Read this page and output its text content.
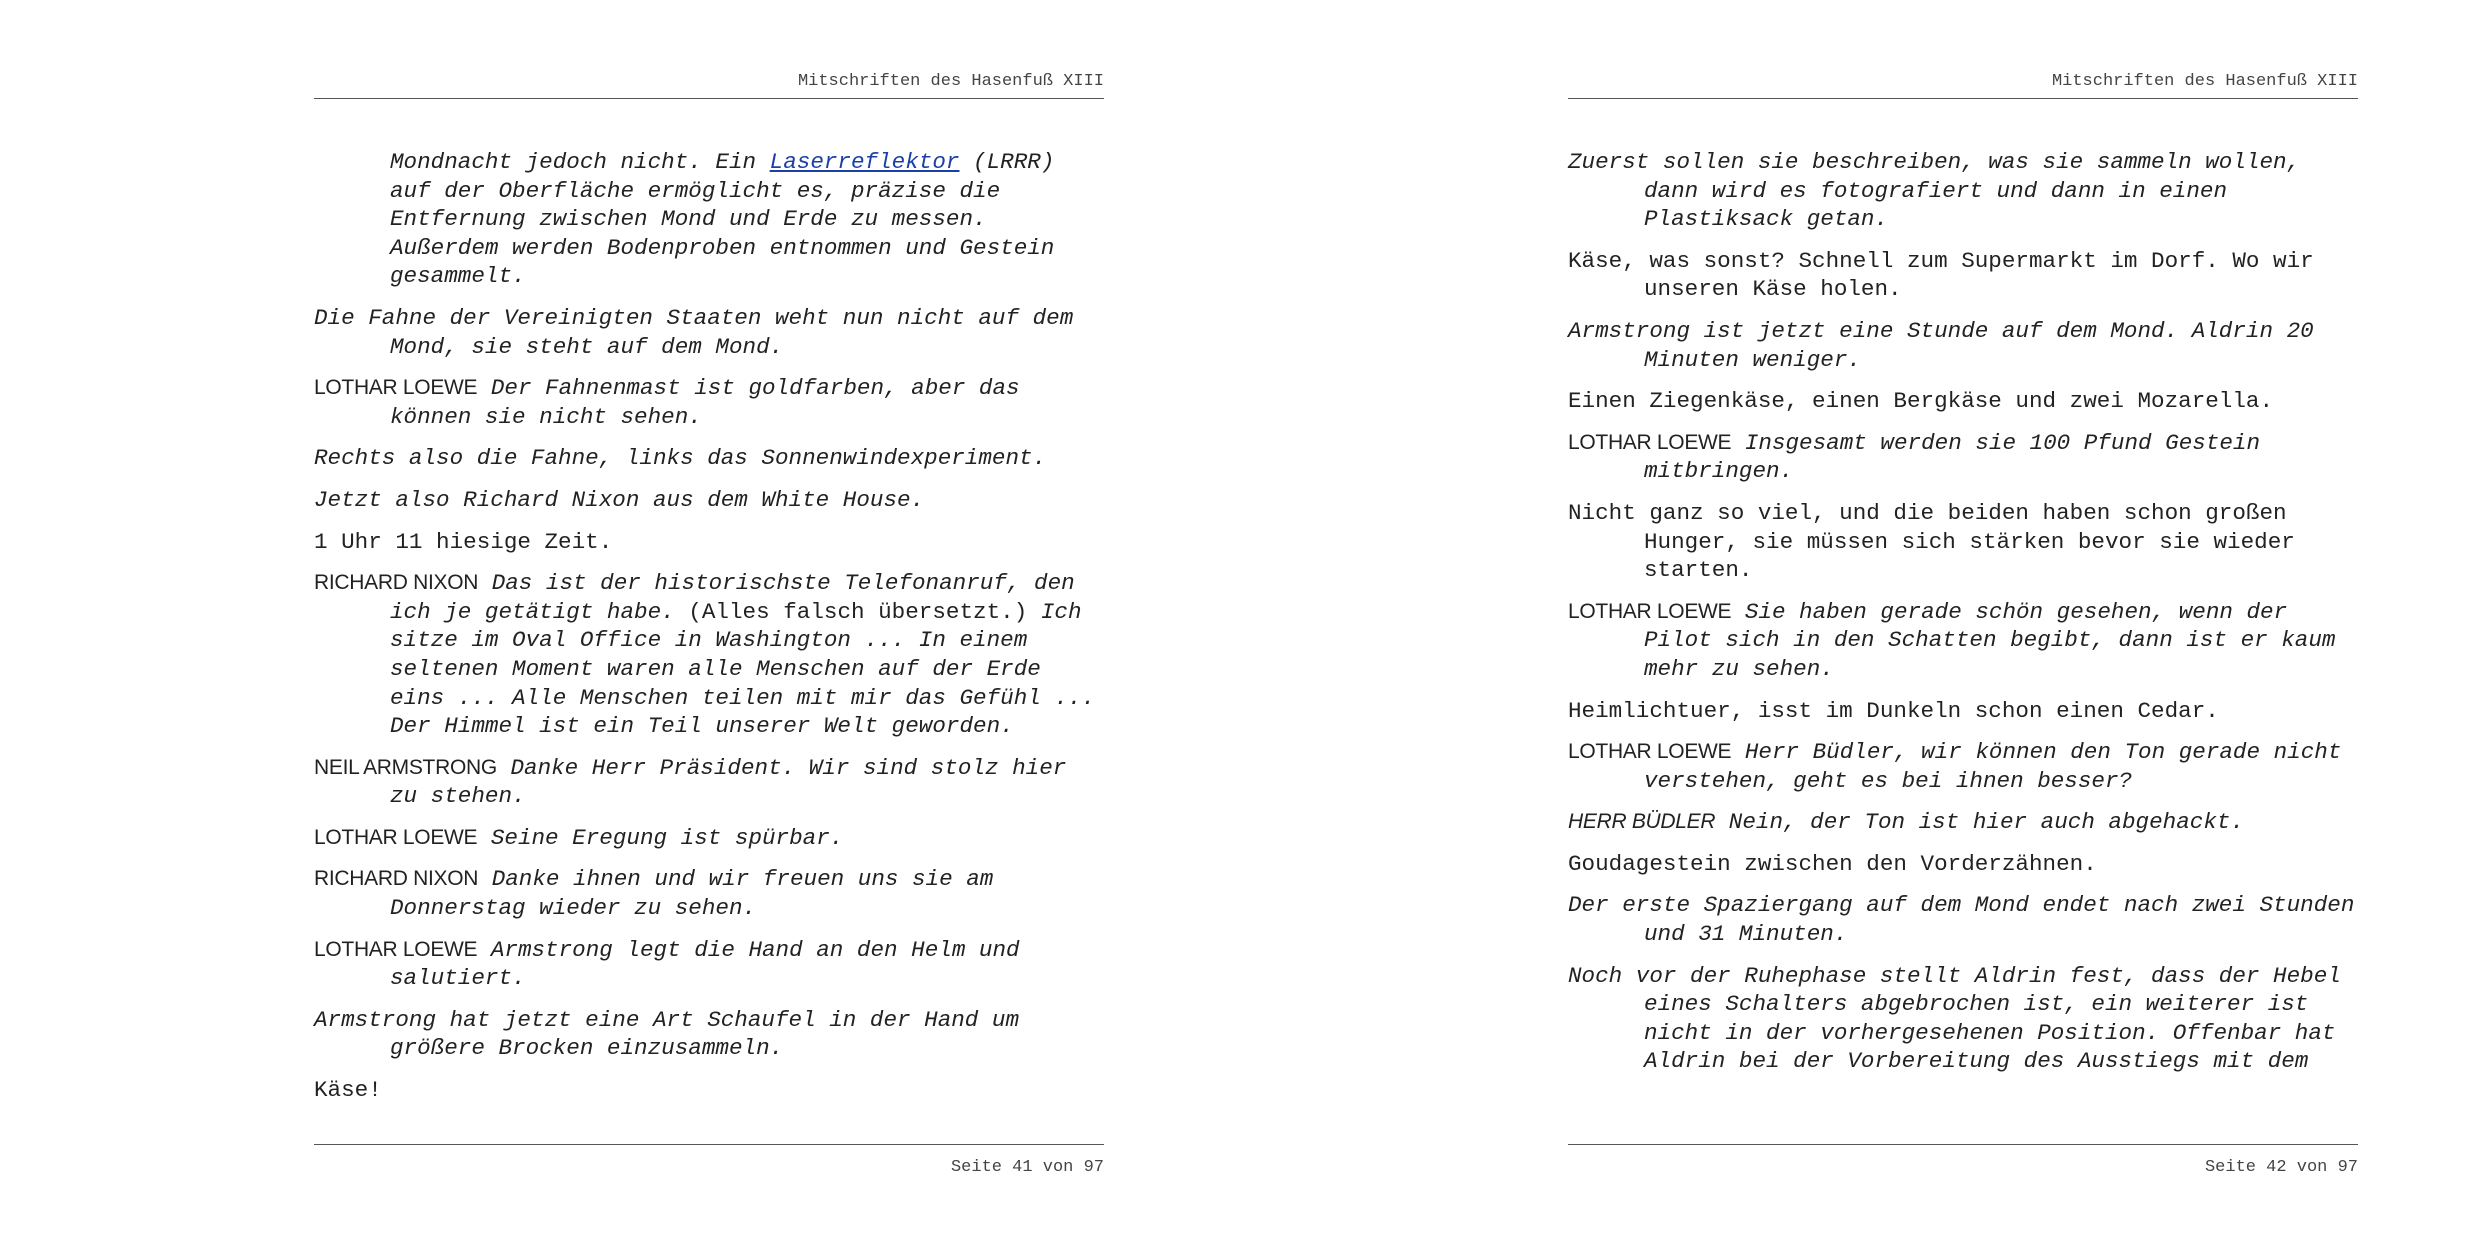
Mitschriften des Hasenfuß XIII

Mondnacht jedoch nicht. Ein Laserreflektor (LRRR) auf der Oberfläche ermöglicht es, präzise die Entfernung zwischen Mond und Erde zu messen. Außerdem werden Bodenproben entnommen und Gestein gesammelt.

Die Fahne der Vereinigten Staaten weht nun nicht auf dem Mond, sie steht auf dem Mond.

LOTHAR LOEWE Der Fahnenmast ist goldfarben, aber das können sie nicht sehen.

Rechts also die Fahne, links das Sonnenwindexperiment.

Jetzt also Richard Nixon aus dem White House.

1 Uhr 11 hiesige Zeit.

RICHARD NIXON Das ist der historischste Telefonanruf, den ich je getätigt habe. (Alles falsch übersetzt.) Ich sitze im Oval Office in Washington ... In einem seltenen Moment waren alle Menschen auf der Erde eins ... Alle Menschen teilen mit mir das Gefühl ... Der Himmel ist ein Teil unserer Welt geworden.

NEIL ARMSTRONG Danke Herr Präsident. Wir sind stolz hier zu stehen.

LOTHAR LOEWE Seine Eregung ist spürbar.

RICHARD NIXON Danke ihnen und wir freuen uns sie am Donnerstag wieder zu sehen.

LOTHAR LOEWE Armstrong legt die Hand an den Helm und salutiert.

Armstrong hat jetzt eine Art Schaufel in der Hand um größere Brocken einzusammeln.

Käse!

Seite 41 von 97
Mitschriften des Hasenfuß XIII

Zuerst sollen sie beschreiben, was sie sammeln wollen, dann wird es fotografiert und dann in einen Plastiksack getan.

Käse, was sonst? Schnell zum Supermarkt im Dorf. Wo wir unseren Käse holen.

Armstrong ist jetzt eine Stunde auf dem Mond. Aldrin 20 Minuten weniger.

Einen Ziegenkäse, einen Bergkäse und zwei Mozarella.

LOTHAR LOEWE Insgesamt werden sie 100 Pfund Gestein mitbringen.

Nicht ganz so viel, und die beiden haben schon großen Hunger, sie müssen sich stärken bevor sie wieder starten.

LOTHAR LOEWE Sie haben gerade schön gesehen, wenn der Pilot sich in den Schatten begibt, dann ist er kaum mehr zu sehen.

Heimlichtuer, isst im Dunkeln schon einen Cedar.

LOTHAR LOEWE Herr Büdler, wir können den Ton gerade nicht verstehen, geht es bei ihnen besser?

HERR BÜDLER Nein, der Ton ist hier auch abgehackt.

Goudagestein zwischen den Vorderzähnen.

Der erste Spaziergang auf dem Mond endet nach zwei Stunden und 31 Minuten.

Noch vor der Ruhephase stellt Aldrin fest, dass der Hebel eines Schalters abgebrochen ist, ein weiterer ist nicht in der vorhergesehenen Position. Offenbar hat Aldrin bei der Vorbereitung des Ausstiegs mit dem

Seite 42 von 97
